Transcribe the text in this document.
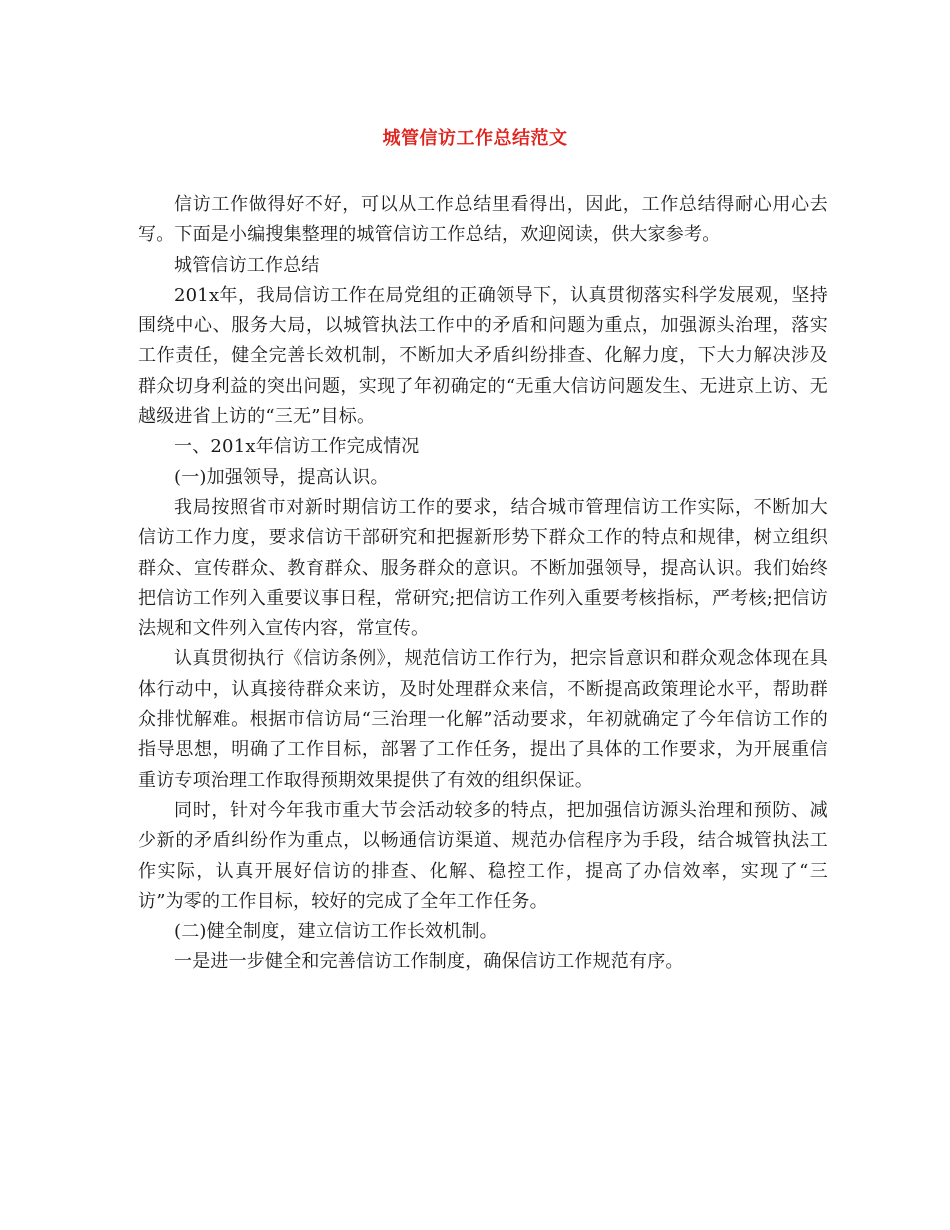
城管信访工作总结范文

信访工作做得好不好，可以从工作总结里看得出，因此，工作总结得耐心用心去写。下面是小编搜集整理的城管信访工作总结，欢迎阅读，供大家参考。

城管信访工作总结

201x年，我局信访工作在局党组的正确领导下，认真贯彻落实科学发展观，坚持围绕中心、服务大局，以城管执法工作中的矛盾和问题为重点，加强源头治理，落实工作责任，健全完善长效机制，不断加大矛盾纠纷排查、化解力度，下大力解决涉及群众切身利益的突出问题，实现了年初确定的“无重大信访问题发生、无进京上访、无越级进省上访的“三无”目标。

一、201x年信访工作完成情况

(一)加强领导，提高认识。

我局按照省市对新时期信访工作的要求，结合城市管理信访工作实际，不断加大信访工作力度，要求信访干部研究和把握新形势下群众工作的特点和规律，树立组织群众、宣传群众、教育群众、服务群众的意识。不断加强领导，提高认识。我们始终把信访工作列入重要议事日程，常研究;把信访工作列入重要考核指标，严考核;把信访法规和文件列入宣传内容，常宣传。

认真贯彻执行《信访条例》，规范信访工作行为，把宗旨意识和群众观念体现在具体行动中，认真接待群众来访，及时处理群众来信，不断提高政策理论水平，帮助群众排忧解难。根据市信访局“三治理一化解”活动要求，年初就确定了今年信访工作的指导思想，明确了工作目标，部署了工作任务，提出了具体的工作要求，为开展重信重访专项治理工作取得预期效果提供了有效的组织保证。

同时，针对今年我市重大节会活动较多的特点，把加强信访源头治理和预防、减少新的矛盾纠纷作为重点，以畅通信访渠道、规范办信程序为手段，结合城管执法工作实际，认真开展好信访的排查、化解、稳控工作，提高了办信效率，实现了“三访”为零的工作目标，较好的完成了全年工作任务。

(二)健全制度，建立信访工作长效机制。

一是进一步健全和完善信访工作制度，确保信访工作规范有序。
